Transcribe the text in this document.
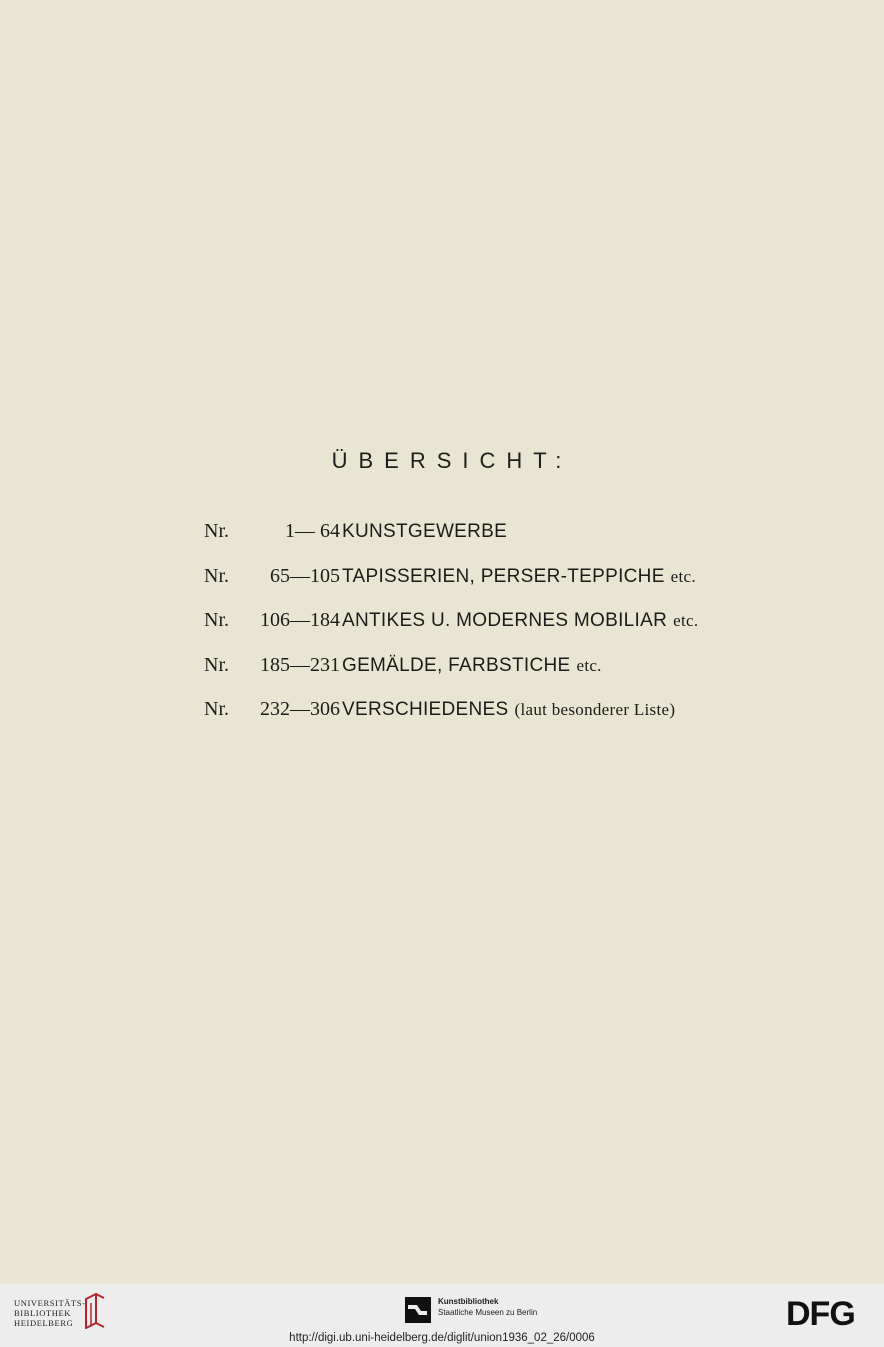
ÜBERSICHT:
Nr.	1— 64 KUNSTGEWERBE
Nr. 65—105 TAPISSERIEN, PERSER-TEPPICHE etc.
Nr. 106—184 ANTIKES U. MODERNES MOBILIAR etc.
Nr. 185—231 GEMÄLDE, FARBSTICHE etc.
Nr. 232—306 VERSCHIEDENES (laut besonderer Liste)
UNIVERSITÄTS-
BIBLIOTHEK
HEIDELBERG
Kunstbibliothek
Staatliche Museen zu Berlin	DFG
http://digi.ub.uni-heidelberg.de/diglit/union1936_02_26/0006
